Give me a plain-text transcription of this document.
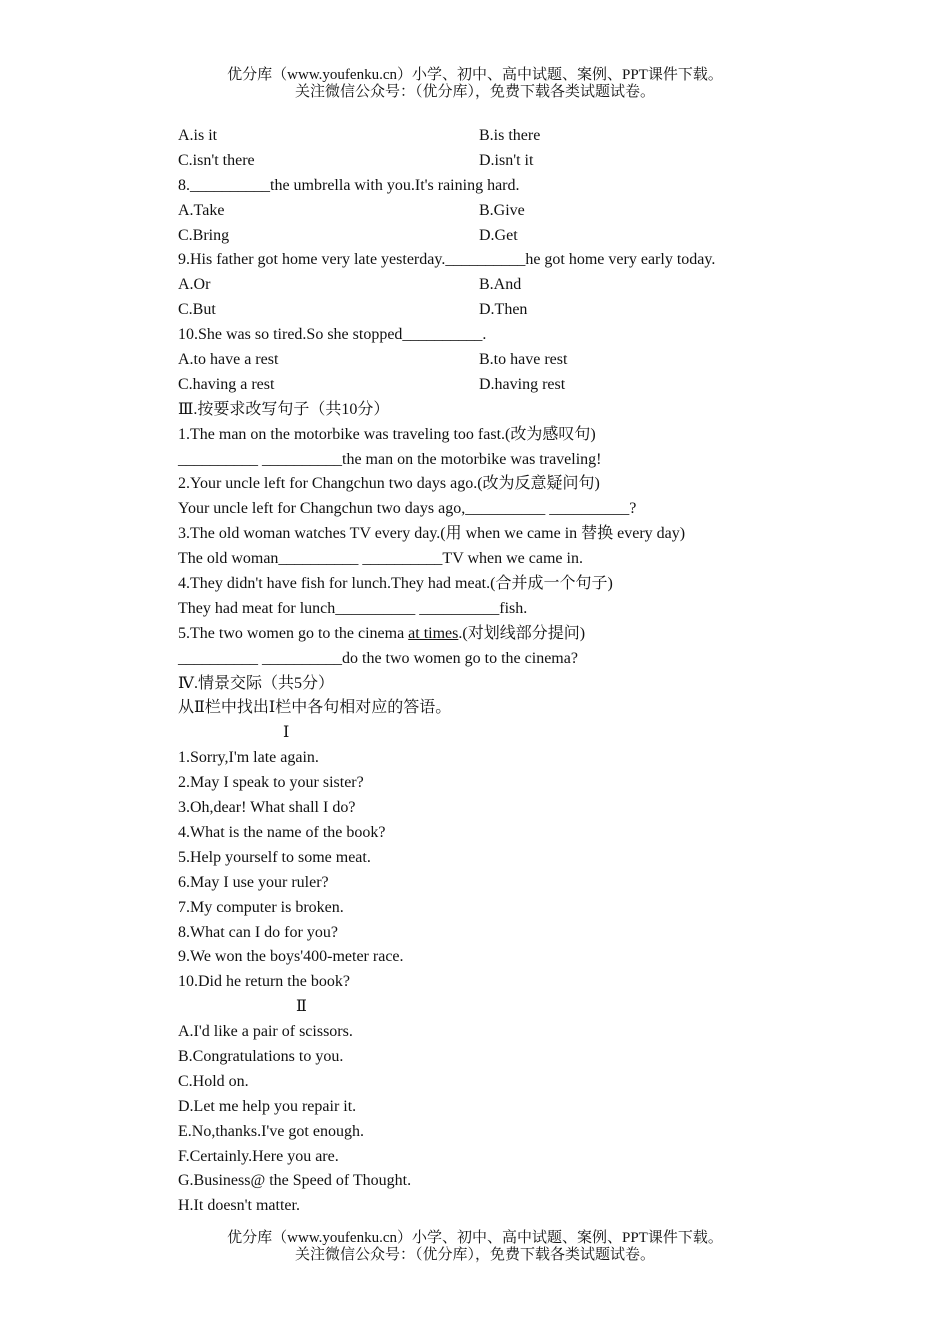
优分库（www.youfenku.cn）小学、初中、高中试题、案例、PPT课件下载。
关注微信公众号：（优分库），免费下载各类试题试卷。
A.is it	B.is there
C.isn't there	D.isn't it
8.__________the umbrella with you.It's raining hard.
A.Take	B.Give
C.Bring	D.Get
9.His father got home very late yesterday.__________he got home very early today.
A.Or	B.And
C.But	D.Then
10.She was so tired.So she stopped__________.
A.to have a rest	B.to have rest
C.having a rest	D.having rest
Ⅲ.按要求改写句子（共10分）
1.The man on the motorbike was traveling too fast.(改为感叹句)
__________ __________the man on the motorbike was traveling!
2.Your uncle left for Changchun two days ago.(改为反意疑问句)
Your uncle left for Changchun two days ago,__________ __________?
3.The old woman watches TV every day.(用 when we came in 替换 every day)
The old woman__________ __________TV when we came in.
4.They didn't have fish for lunch.They had meat.(合并成一个句子)
They had meat for lunch__________ __________fish.
5.The two women go to the cinema at times.(对划线部分提问)
__________ __________do the two women go to the cinema?
Ⅳ.情景交际（共5分）
从Ⅱ栏中找出Ⅰ栏中各句相对应的答语。
Ⅰ
1.Sorry,I'm late again.
2.May I speak to your sister?
3.Oh,dear! What shall I do?
4.What is the name of the book?
5.Help yourself to some meat.
6.May I use your ruler?
7.My computer is broken.
8.What can I do for you?
9.We won the boys'400-meter race.
10.Did he return the book?
Ⅱ
A.I'd like a pair of scissors.
B.Congratulations to you.
C.Hold on.
D.Let me help you repair it.
E.No,thanks.I've got enough.
F.Certainly.Here you are.
G.Business@ the Speed of Thought.
H.It doesn't matter.
优分库（www.youfenku.cn）小学、初中、高中试题、案例、PPT课件下载。
关注微信公众号：（优分库），免费下载各类试题试卷。
